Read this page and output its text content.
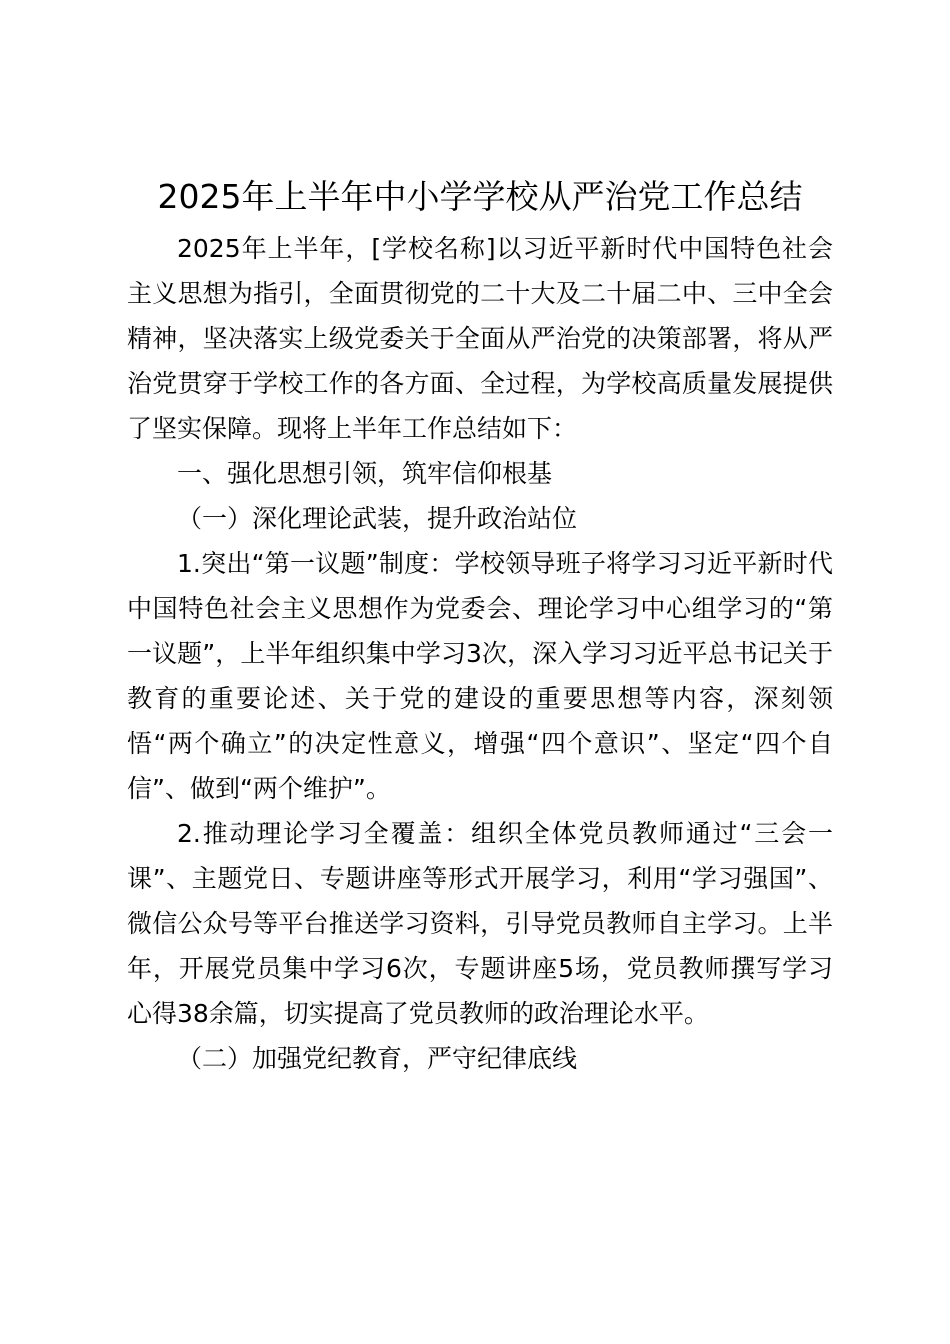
2025年上半年中小学学校从严治党工作总结

2025年上半年，[学校名称]以习近平新时代中国特色社会主义思想为指引，全面贯彻党的二十大及二十届二中、三中全会精神，坚决落实上级党委关于全面从严治党的决策部署，将从严治党贯穿于学校工作的各方面、全过程，为学校高质量发展提供了坚实保障。现将上半年工作总结如下：

一、强化思想引领，筑牢信仰根基

（一）深化理论武装，提升政治站位

1.突出“第一议题”制度：学校领导班子将学习习近平新时代中国特色社会主义思想作为党委会、理论学习中心组学习的“第一议题”，上半年组织集中学习3次，深入学习习近平总书记关于教育的重要论述、关于党的建设的重要思想等内容，深刻领悟“两个确立”的决定性意义，增强“四个意识”、坚定“四个自信”、做到“两个维护”。

2.推动理论学习全覆盖：组织全体党员教师通过“三会一课”、主题党日、专题讲座等形式开展学习，利用“学习强国”、微信公众号等平台推送学习资料，引导党员教师自主学习。上半年，开展党员集中学习6次，专题讲座5场，党员教师撰写学习心得38余篇，切实提高了党员教师的政治理论水平。

（二）加强党纪教育，严守纪律底线
